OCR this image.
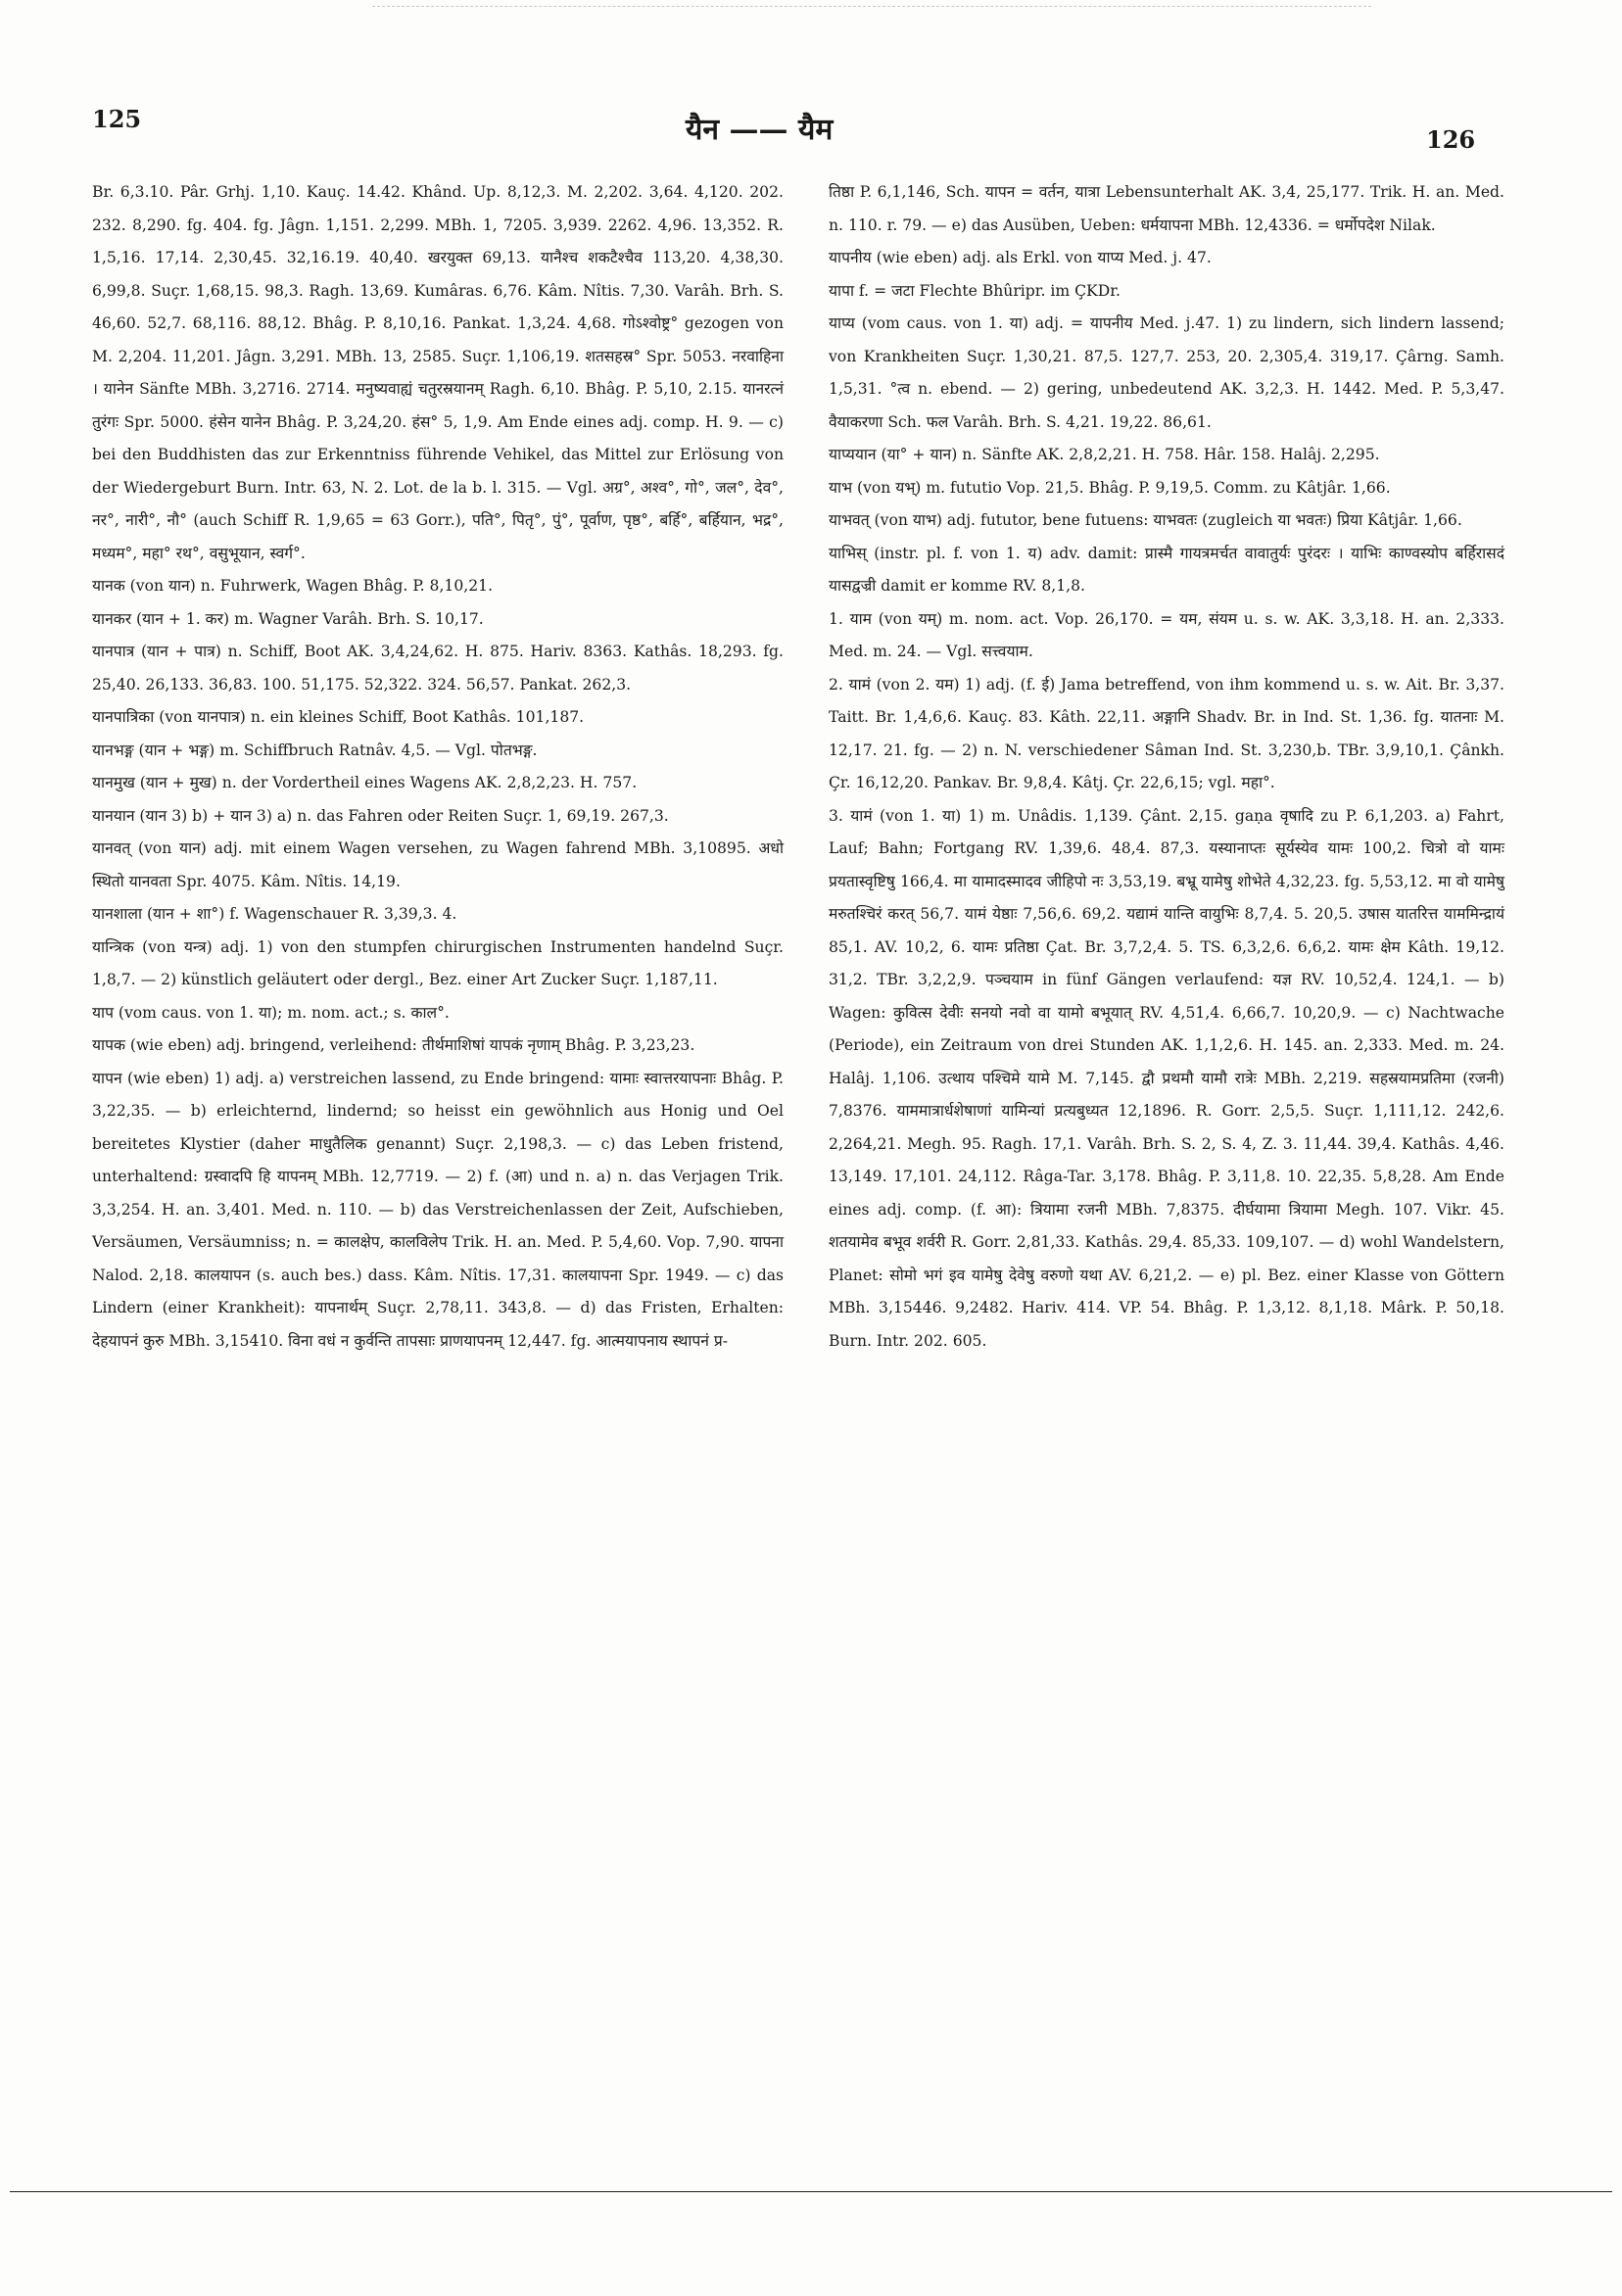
125	यैन —— यैम	126

Br. 6,3.10. Pâr. Grhj. 1,10. Kauç. 14.42. Khând. Up. 8,12,3. M. 2,202. 3,64. 4,120. 202. 232. 8,290. fg. 404. fg. Jâgn. 1,151. 2,299. MBh. 1, 7205. 3,939. 2262. 4,96. 13,352. R. 1,5,16. 17,14. 2,30,45. 32,16.19. 40,40. खरयुक्त 69,13. यानैश्च शकटैश्चैव 113,20. 4,38,30. 6,99,8. Suçr. 1,68,15. 98,3. Ragh. 13,69. Kumâras. 6,76. Kâm. Nîtis. 7,30. Varâh. Brh. S. 46,60. 52,7. 68,116. 88,12. Bhâg. P. 8,10,16. Pankat. 1,3,24. 4,68. गोऽश्वोष्ट्र° gezogen von M. 2,204. 11,201. Jâgn. 3,291. MBh. 13, 2585. Suçr. 1,106,19. शतसहस्र° Spr. 5053. नरवाहिना । यानेन Sänfte MBh. 3,2716. 2714. मनुष्यवाह्यं चतुरस्रयानम् Ragh. 6,10. Bhâg. P. 5,10, 2.15. यानरत्नं तुरंगः Spr. 5000. हंसेन यानेन Bhâg. P. 3,24,20. हंस° 5, 1,9. Am Ende eines adj. comp. H. 9. — c) bei den Buddhisten das zur Erkenntniss führende Vehikel, das Mittel zur Erlösung von der Wiedergeburt Burn. Intr. 63, N. 2. Lot. de la b. l. 315. — Vgl. अग्र°, अश्व°, गो°, जल°, देव°, नर°, नारी°, नौ° (auch Schiff R. 1,9,65 = 63 Gorr.), पति°, पितृ°, पुं°, पूर्वाण, पृष्ठ°, बर्हि°, बर्हियान, भद्र°, मध्यम°, महा° रथ°, वसुभूयान, स्वर्ग°.

यानक (von यान) n. Fuhrwerk, Wagen Bhâg. P. 8,10,21.

यानकर (यान + 1. कर) m. Wagner Varâh. Brh. S. 10,17.

यानपात्र (यान + पात्र) n. Schiff, Boot AK. 3,4,24,62. H. 875. Hariv. 8363. Kathâs. 18,293. fg. 25,40. 26,133. 36,83. 100. 51,175. 52,322. 324. 56,57. Pankat. 262,3.

यानपात्रिका (von यानपात्र) n. ein kleines Schiff, Boot Kathâs. 101,187.

यानभङ्ग (यान + भङ्ग) m. Schiffbruch Ratnâv. 4,5. — Vgl. पोतभङ्ग.

यानमुख (यान + मुख) n. der Vordertheil eines Wagens AK. 2,8,2,23. H. 757.

यानयान (यान 3) b) + यान 3) a) n. das Fahren oder Reiten Suçr. 1, 69,19. 267,3.

यानवत् (von यान) adj. mit einem Wagen versehen, zu Wagen fahrend MBh. 3,10895. अधो स्थितो यानवता Spr. 4075. Kâm. Nîtis. 14,19.

यानशाला (यान + शा°) f. Wagenschauer R. 3,39,3. 4.

यान्त्रिक (von यन्त्र) adj. 1) von den stumpfen chirurgischen Instrumenten handelnd Suçr. 1,8,7. — 2) künstlich geläutert oder dergl., Bez. einer Art Zucker Suçr. 1,187,11.

याप (vom caus. von 1. या); m. nom. act.; s. काल°.

यापक (wie eben) adj. bringend, verleihend: तीर्थमाशिषां यापकं नृणाम् Bhâg. P. 3,23,23.

यापन (wie eben) 1) adj. a) verstreichen lassend, zu Ende bringend: यामाः स्वात्तरयापनाः Bhâg. P. 3,22,35. — b) erleichternd, lindernd; so heisst ein gewöhnlich aus Honig und Oel bereitetes Klystier (daher माधुतैलिक genannt) Suçr. 2,198,3. — c) das Leben fristend, unterhaltend: ग्रस्वादपि हि यापनम् MBh. 12,7719. — 2) f. (आ) und n. a) n. das Verjagen Trik. 3,3,254. H. an. 3,401. Med. n. 110. — b) das Verstreichenlassen der Zeit, Aufschieben, Versäumen, Versäumniss; n. = कालक्षेप, कालविलेप Trik. H. an. Med. P. 5,4,60. Vop. 7,90. यापना Nalod. 2,18. कालयापन (s. auch bes.) dass. Kâm. Nîtis. 17,31. कालयापना Spr. 1949. — c) das Lindern (einer Krankheit): यापनार्थम् Suçr. 2,78,11. 343,8. — d) das Fristen, Erhalten: देहयापनं कुरु MBh. 3,15410. विना वधं न कुर्वन्ति तापसाः प्राणयापनम् 12,447. fg. आत्मयापनाय स्थापनं प्र-

तिष्ठा P. 6,1,146, Sch. यापन = वर्तन, यात्रा Lebensunterhalt AK. 3,4, 25,177. Trik. H. an. Med. n. 110. r. 79. — e) das Ausüben, Ueben: धर्मयापना MBh. 12,4336. = धर्मोपदेश Nilak.

यापनीय (wie eben) adj. als Erkl. von याप्य Med. j. 47.

यापा f. = जटा Flechte Bhûripr. im ÇKDr.

याप्य (vom caus. von 1. या) adj. = यापनीय Med. j.47. 1) zu lindern, sich lindern lassend; von Krankheiten Suçr. 1,30,21. 87,5. 127,7. 253, 20. 2,305,4. 319,17. Çârng. Samh. 1,5,31. °त्व n. ebend. — 2) gering, unbedeutend AK. 3,2,3. H. 1442. Med. P. 5,3,47. वैयाकरणा Sch. फल Varâh. Brh. S. 4,21. 19,22. 86,61.

याप्ययान (या° + यान) n. Sänfte AK. 2,8,2,21. H. 758. Hâr. 158. Halâj. 2,295.

याभ (von यभ्) m. fututio Vop. 21,5. Bhâg. P. 9,19,5. Comm. zu Kâtjâr. 1,66.

याभवत् (von याभ) adj. fututor, bene futuens: याभवतः (zugleich या भवतः) प्रिया Kâtjâr. 1,66.

याभिस् (instr. pl. f. von 1. य) adv. damit: प्रास्मै गायत्रमर्चत वावातुर्यः पुरंदरः । याभिः काण्वस्योप बर्हिरासदं यासद्वज्री damit er komme RV. 8,1,8.

1. याम (von यम्) m. nom. act. Vop. 26,170. = यम, संयम u. s. w. AK. 3,3,18. H. an. 2,333. Med. m. 24. — Vgl. सत्त्वयाम.

2. यामं (von 2. यम) 1) adj. (f. ई) Jama betreffend, von ihm kommend u. s. w. Ait. Br. 3,37. Taitt. Br. 1,4,6,6. Kauç. 83. Kâth. 22,11. अङ्गानि Shadv. Br. in Ind. St. 1,36. fg. यातनाः M. 12,17. 21. fg. — 2) n. N. verschiedener Sâman Ind. St. 3,230,b. TBr. 3,9,10,1. Çânkh. Çr. 16,12,20. Pankav. Br. 9,8,4. Kâtj. Çr. 22,6,15; vgl. महा°.

3. यामं (von 1. या) 1) m. Unâdis. 1,139. Çânt. 2,15. gaṇa वृषादि zu P. 6,1,203. a) Fahrt, Lauf; Bahn; Fortgang RV. 1,39,6. 48,4. 87,3. यस्यानाप्तः सूर्यस्येव यामः 100,2. चित्रो वो यामः प्रयतास्वृष्टिषु 166,4. मा यामादस्मादव जीहिपो नः 3,53,19. बभ्रू यामेषु शोभेते 4,32,23. fg. 5,53,12. मा वो यामेषु मरुतश्चिरं करत् 56,7. यामं येष्ठाः 7,56,6. 69,2. यद्यामं यान्ति वायुभिः 8,7,4. 5. 20,5. उषास यातरित्त याममिन्द्रायं 85,1. AV. 10,2, 6. यामः प्रतिष्ठा Çat. Br. 3,7,2,4. 5. TS. 6,3,2,6. 6,6,2. यामः क्षेम Kâth. 19,12. 31,2. TBr. 3,2,2,9. पञ्चयाम in fünf Gängen verlaufend: यज्ञ RV. 10,52,4. 124,1. — b) Wagen: कुवित्स देवीः सनयो नवो वा यामो बभूयात् RV. 4,51,4. 6,66,7. 10,20,9. — c) Nachtwache (Periode), ein Zeitraum von drei Stunden AK. 1,1,2,6. H. 145. an. 2,333. Med. m. 24. Halâj. 1,106. उत्थाय पश्चिमे यामे M. 7,145. द्वौ प्रथमौ यामौ रात्रेः MBh. 2,219. सहस्रयामप्रतिमा (रजनी) 7,8376. याममात्रार्धशेषाणां यामिन्यां प्रत्यबुध्यत 12,1896. R. Gorr. 2,5,5. Suçr. 1,111,12. 242,6. 2,264,21. Megh. 95. Ragh. 17,1. Varâh. Brh. S. 2, S. 4, Z. 3. 11,44. 39,4. Kathâs. 4,46. 13,149. 17,101. 24,112. Râga-Tar. 3,178. Bhâg. P. 3,11,8. 10. 22,35. 5,8,28. Am Ende eines adj. comp. (f. आ): त्रियामा रजनी MBh. 7,8375. दीर्घयामा त्रियामा Megh. 107. Vikr. 45. शतयामेव बभूव शर्वरी R. Gorr. 2,81,33. Kathâs. 29,4. 85,33. 109,107. — d) wohl Wandelstern, Planet: सोमो भगं इव यामेषु देवेषु वरुणो यथा AV. 6,21,2. — e) pl. Bez. einer Klasse von Göttern MBh. 3,15446. 9,2482. Hariv. 414. VP. 54. Bhâg. P. 1,3,12. 8,1,18. Mârk. P. 50,18. Burn. Intr. 202. 605.
